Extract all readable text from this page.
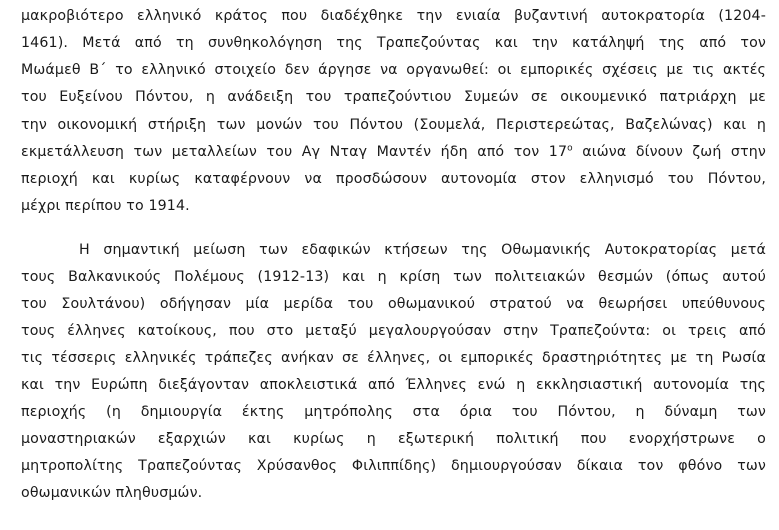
μακροβιότερο ελληνικό κράτος που διαδέχθηκε την ενιαία βυζαντινή αυτοκρατορία (1204-
1461). Μετά από τη συνθηκολόγηση της Τραπεζούντας και την κατάληψή της από τον
Μωάμεθ Β΄ το ελληνικό στοιχείο δεν άργησε να οργανωθεί: οι εμπορικές σχέσεις με τις ακτές
του Ευξείνου Πόντου, η ανάδειξη του τραπεζούντιου Συμεών σε οικουμενικό πατριάρχη με
την οικονομική στήριξη των μονών του Πόντου (Σουμελά, Περιστερεώτας, Βαζελώνας) και η
εκμετάλλευση των μεταλλείων του Αγ Νταγ Μαντέν ήδη από τον $17^o$ αιώνα δίνουν ζωή στην
περιοχή και κυρίως καταφέρνουν να προσδώσουν αυτονομία στον ελληνισμό του Πόντου,
μέχρι περίπου το 1914.
Η σημαντική μείωση των εδαφικών κτήσεων της Οθωμανικής Αυτοκρατορίας μετά
τους Βαλκανικούς Πολέμους (1912-13) και η κρίση των πολιτειακών θεσμών (όπως αυτού
του Σουλτάνου) οδήγησαν μία μερίδα του οθωμανικού στρατού να θεωρήσει υπεύθυνους
τους έλληνες κατοίκους, που στο μεταξύ μεγαλουργούσαν στην Τραπεζούντα: οι τρεις από
τις τέσσερις ελληνικές τράπεζες ανήκαν σε έλληνες, οι εμπορικές δραστηριότητες με τη Ρωσία
και την Ευρώπη διεξάγονταν αποκλειστικά από Έλληνες ενώ η εκκλησιαστική αυτονομία της
περιοχής (η δημιουργία έκτης μητρόπολης στα όρια του Πόντου, η δύναμη των
μοναστηριακών εξαρχιών και κυρίως η εξωτερική πολιτική που ενορχήστρωνε ο
μητροπολίτης Τραπεζούντας Χρύσανθος Φιλιππίδης) δημιουργούσαν δίκαια τον φθόνο των
οθωμανικών πληθυσμών.
